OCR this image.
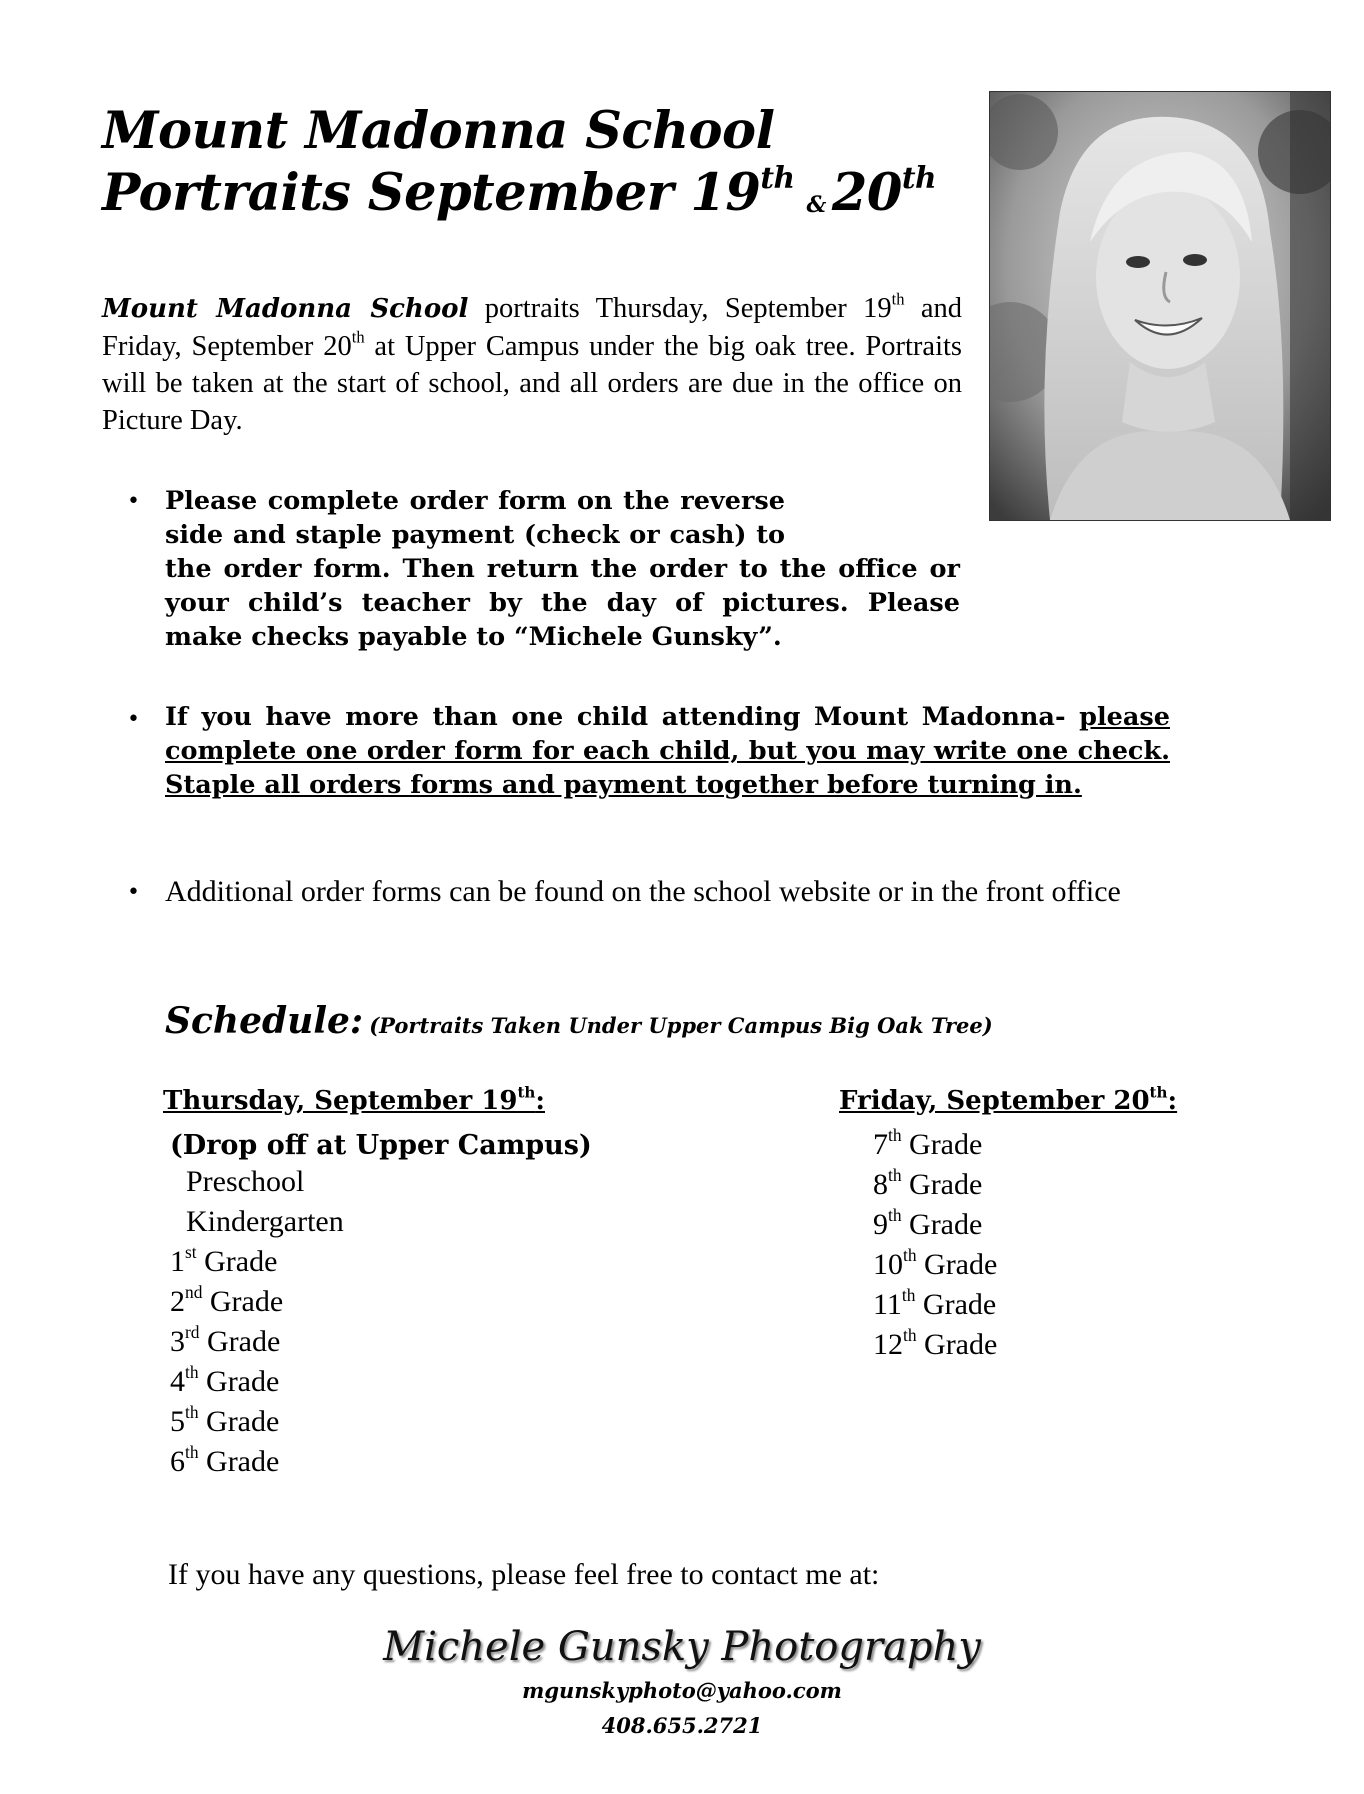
Mount Madonna School
Portraits September 19th& 20th
Mount Madonna School portraits Thursday, September 19th and Friday, September 20th at Upper Campus under the big oak tree. Portraits will be taken at the start of school, and all orders are due in the office on Picture Day.
• Please complete order form on the reverse side and staple payment (check or cash) to the order form. Then return the order to the office or your child’s teacher by the day of pictures. Please make checks payable to “Michele Gunsky”.
• If you have more than one child attending Mount Madonna- please complete one order form for each child, but you may write one check. Staple all orders forms and payment together before turning in.
• Additional order forms can be found on the school website or in the front office
Schedule: (Portraits Taken Under Upper Campus Big Oak Tree)
Thursday, September 19th:
(Drop off at Upper Campus)
Preschool
Kindergarten
1st Grade
2nd Grade
3rd Grade
4th Grade
5th Grade
6th Grade
Friday, September 20th:
7th Grade
8th Grade
9th Grade
10th Grade
11th Grade
12th Grade
If you have any questions, please feel free to contact me at:
Michele Gunsky Photography
mgunskyphoto@yahoo.com
408.655.2721
